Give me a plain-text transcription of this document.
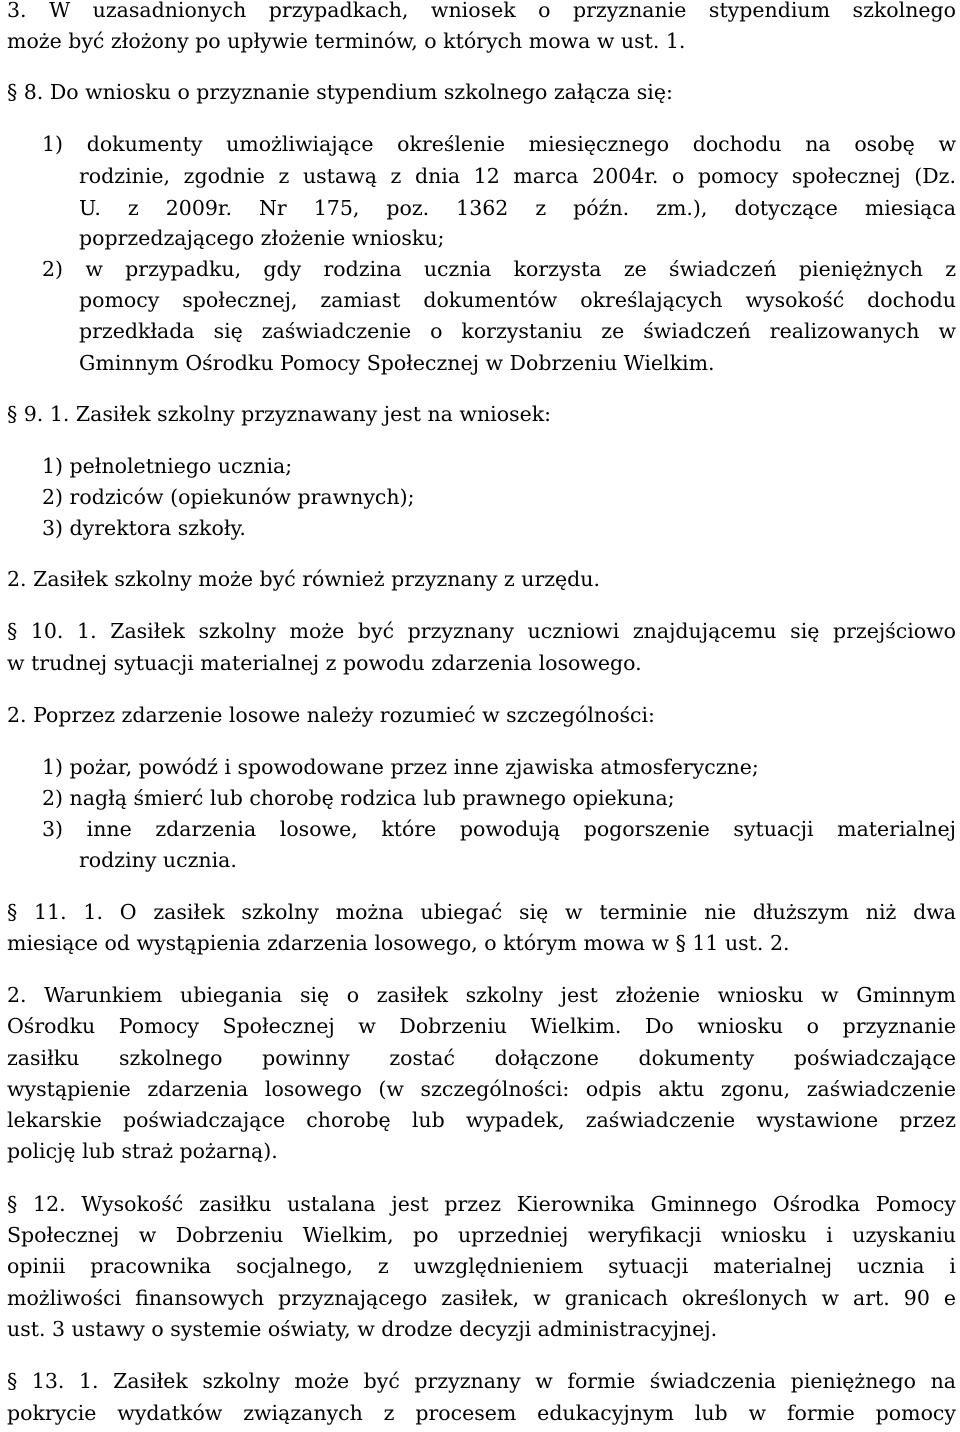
3. W uzasadnionych przypadkach, wniosek o przyznanie stypendium szkolnego
może być złożony po upływie terminów, o których mowa w ust. 1.
§ 8. Do wniosku o przyznanie stypendium szkolnego załącza się:
1) dokumenty umożliwiające określenie miesięcznego dochodu na osobę w
rodzinie, zgodnie z ustawą z dnia 12 marca 2004r. o pomocy społecznej (Dz.
U. z 2009r. Nr 175, poz. 1362 z późn. zm.), dotyczące miesiąca
poprzedzającego złożenie wniosku;
2) w przypadku, gdy rodzina ucznia korzysta ze świadczeń pieniężnych z
pomocy społecznej, zamiast dokumentów określających wysokość dochodu
przedkłada się zaświadczenie o korzystaniu ze świadczeń realizowanych w
Gminnym Ośrodku Pomocy Społecznej w Dobrzeniu Wielkim.
§ 9. 1. Zasiłek szkolny przyznawany jest na wniosek:
1) pełnoletniego ucznia;
2) rodziców (opiekunów prawnych);
3) dyrektora szkoły.
2. Zasiłek szkolny może być również przyznany z urzędu.
§ 10. 1. Zasiłek szkolny może być przyznany uczniowi znajdującemu się przejściowo
w trudnej sytuacji materialnej z powodu zdarzenia losowego.
2. Poprzez zdarzenie losowe należy rozumieć w szczególności:
1) pożar, powódź i spowodowane przez inne zjawiska atmosferyczne;
2) nagłą śmierć lub chorobę rodzica lub prawnego opiekuna;
3) inne zdarzenia losowe, które powodują pogorszenie sytuacji materialnej
rodziny ucznia.
§ 11. 1. O zasiłek szkolny można ubiegać się w terminie nie dłuższym niż dwa
miesiące od wystąpienia zdarzenia losowego, o którym mowa w § 11 ust. 2.
2. Warunkiem ubiegania się o zasiłek szkolny jest złożenie wniosku w Gminnym
Ośrodku Pomocy Społecznej w Dobrzeniu Wielkim. Do wniosku o przyznanie
zasiłku szkolnego powinny zostać dołączone dokumenty poświadczające
wystąpienie zdarzenia losowego (w szczególności: odpis aktu zgonu, zaświadczenie
lekarskie poświadczające chorobę lub wypadek, zaświadczenie wystawione przez
policję lub straż pożarną).
§ 12. Wysokość zasiłku ustalana jest przez Kierownika Gminnego Ośrodka Pomocy
Społecznej w Dobrzeniu Wielkim, po uprzedniej weryfikacji wniosku i uzyskaniu
opinii pracownika socjalnego, z uwzględnieniem sytuacji materialnej ucznia i
możliwości finansowych przyznającego zasiłek, w granicach określonych w art. 90 e
ust. 3 ustawy o systemie oświaty, w drodze decyzji administracyjnej.
§ 13. 1. Zasiłek szkolny może być przyznany w formie świadczenia pieniężnego na
pokrycie wydatków związanych z procesem edukacyjnym lub w formie pomocy
